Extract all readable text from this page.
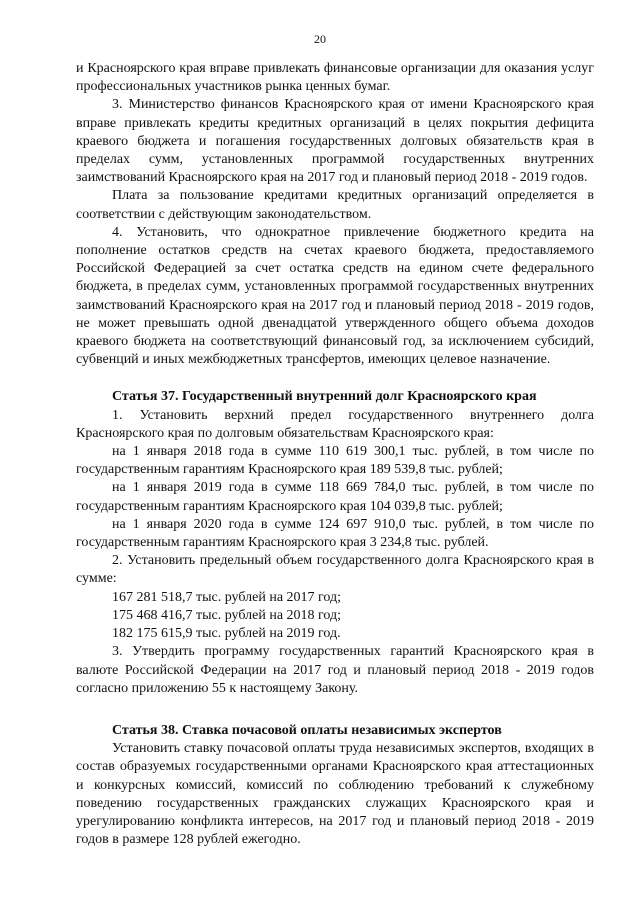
20

и Красноярского края вправе привлекать финансовые организации для оказания услуг профессиональных участников рынка ценных бумаг.

3. Министерство финансов Красноярского края от имени Красноярского края вправе привлекать кредиты кредитных организаций в целях покрытия дефицита краевого бюджета и погашения государственных долговых обязательств края в пределах сумм, установленных программой государственных внутренних заимствований Красноярского края на 2017 год и плановый период 2018 - 2019 годов.

Плата за пользование кредитами кредитных организаций определяется в соответствии с действующим законодательством.

4. Установить, что однократное привлечение бюджетного кредита на пополнение остатков средств на счетах краевого бюджета, предоставляемого Российской Федерацией за счет остатка средств на едином счете федерального бюджета, в пределах сумм, установленных программой государственных внутренних заимствований Красноярского края на 2017 год и плановый период 2018 - 2019 годов, не может превышать одной двенадцатой утвержденного общего объема доходов краевого бюджета на соответствующий финансовый год, за исключением субсидий, субвенций и иных межбюджетных трансфертов, имеющих целевое назначение.

Статья 37. Государственный внутренний долг Красноярского края

1. Установить верхний предел государственного внутреннего долга Красноярского края по долговым обязательствам Красноярского края:

на 1 января 2018 года в сумме 110 619 300,1 тыс. рублей, в том числе по государственным гарантиям Красноярского края 189 539,8 тыс. рублей;

на 1 января 2019 года в сумме 118 669 784,0 тыс. рублей, в том числе по государственным гарантиям Красноярского края 104 039,8 тыс. рублей;

на 1 января 2020 года в сумме 124 697 910,0 тыс. рублей, в том числе по государственным гарантиям Красноярского края 3 234,8 тыс. рублей.

2. Установить предельный объем государственного долга Красноярского края в сумме:

167 281 518,7 тыс. рублей на 2017 год;

175 468 416,7 тыс. рублей на 2018 год;

182 175 615,9 тыс. рублей на 2019 год.

3. Утвердить программу государственных гарантий Красноярского края в валюте Российской Федерации на 2017 год и плановый период 2018 - 2019 годов согласно приложению 55 к настоящему Закону.

Статья 38. Ставка почасовой оплаты независимых экспертов

Установить ставку почасовой оплаты труда независимых экспертов, входящих в состав образуемых государственными органами Красноярского края аттестационных и конкурсных комиссий, комиссий по соблюдению требований к служебному поведению государственных гражданских служащих Красноярского края и урегулированию конфликта интересов, на 2017 год и плановый период 2018 - 2019 годов в размере 128 рублей ежегодно.
